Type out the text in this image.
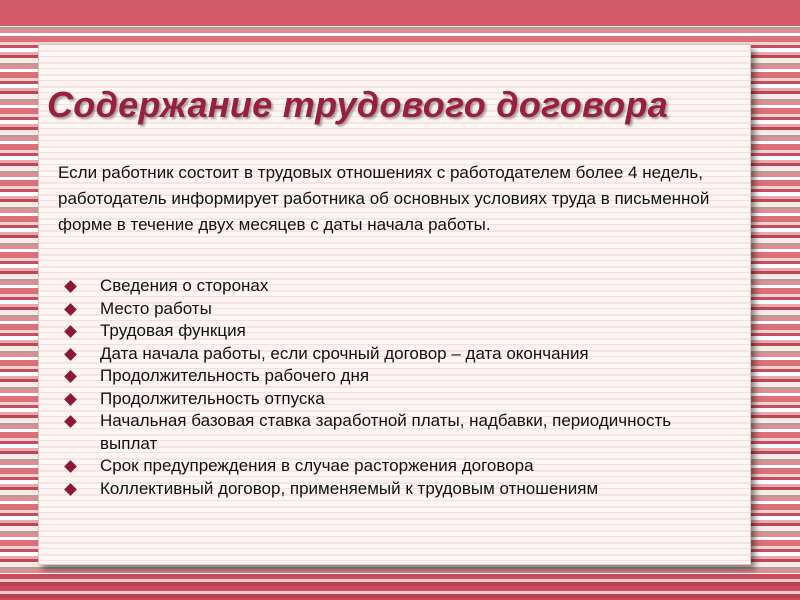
Содержание трудового договора

Если работник состоит в трудовых отношениях с работодателем более 4 недель, работодатель информирует работника об основных условиях труда в письменной форме в течение двух месяцев с даты начала работы.

Сведения о сторонах
Место работы
Трудовая функция
Дата начала работы, если срочный договор – дата окончания
Продолжительность рабочего дня
Продолжительность отпуска
Начальная базовая ставка заработной платы, надбавки, периодичность выплат
Срок предупреждения в случае расторжения договора
Коллективный договор, применяемый к трудовым отношениям
